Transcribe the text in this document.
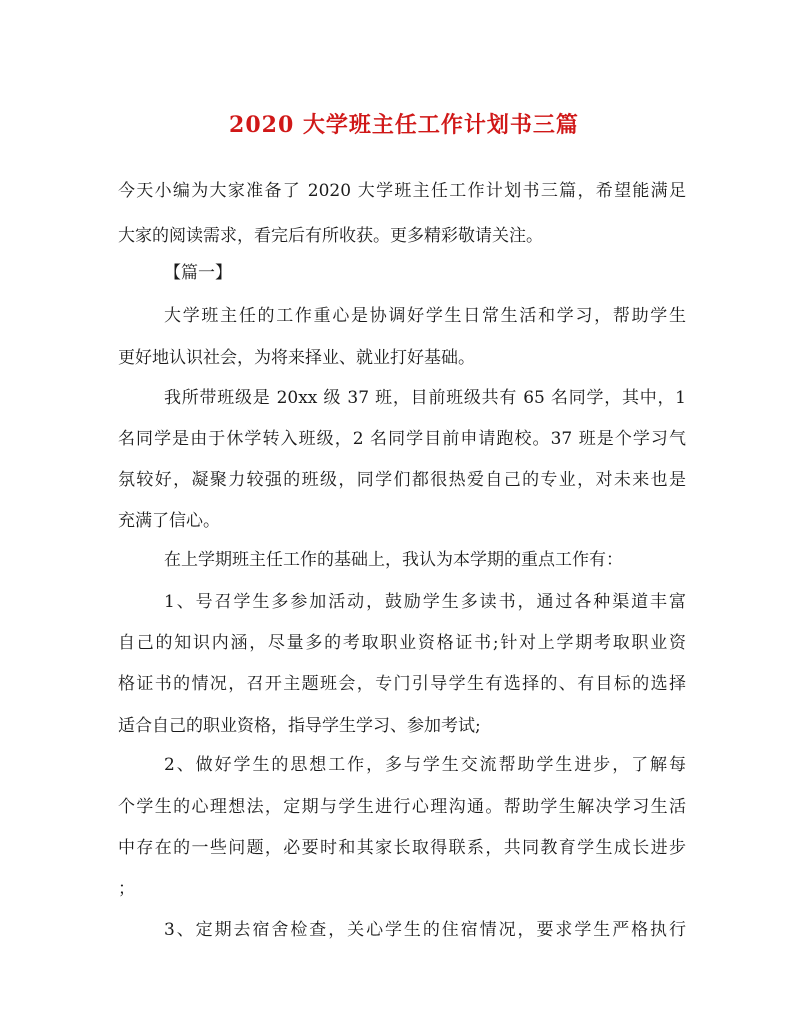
2020 大学班主任工作计划书三篇
今天小编为大家准备了 2020 大学班主任工作计划书三篇，希望能满足
大家的阅读需求，看完后有所收获。更多精彩敬请关注。
【篇一】
大学班主任的工作重心是协调好学生日常生活和学习，帮助学生
更好地认识社会，为将来择业、就业打好基础。
我所带班级是 20xx 级 37 班，目前班级共有 65 名同学，其中，1
名同学是由于休学转入班级，2 名同学目前申请跑校。37 班是个学习气
氛较好，凝聚力较强的班级，同学们都很热爱自己的专业，对未来也是
充满了信心。
在上学期班主任工作的基础上，我认为本学期的重点工作有：
1、号召学生多参加活动，鼓励学生多读书，通过各种渠道丰富
自己的知识内涵，尽量多的考取职业资格证书;针对上学期考取职业资
格证书的情况，召开主题班会，专门引导学生有选择的、有目标的选择
适合自己的职业资格，指导学生学习、参加考试;
2、做好学生的思想工作，多与学生交流帮助学生进步，了解每
个学生的心理想法，定期与学生进行心理沟通。帮助学生解决学习生活
中存在的一些问题，必要时和其家长取得联系，共同教育学生成长进步
；
3、定期去宿舍检查，关心学生的住宿情况，要求学生严格执行
